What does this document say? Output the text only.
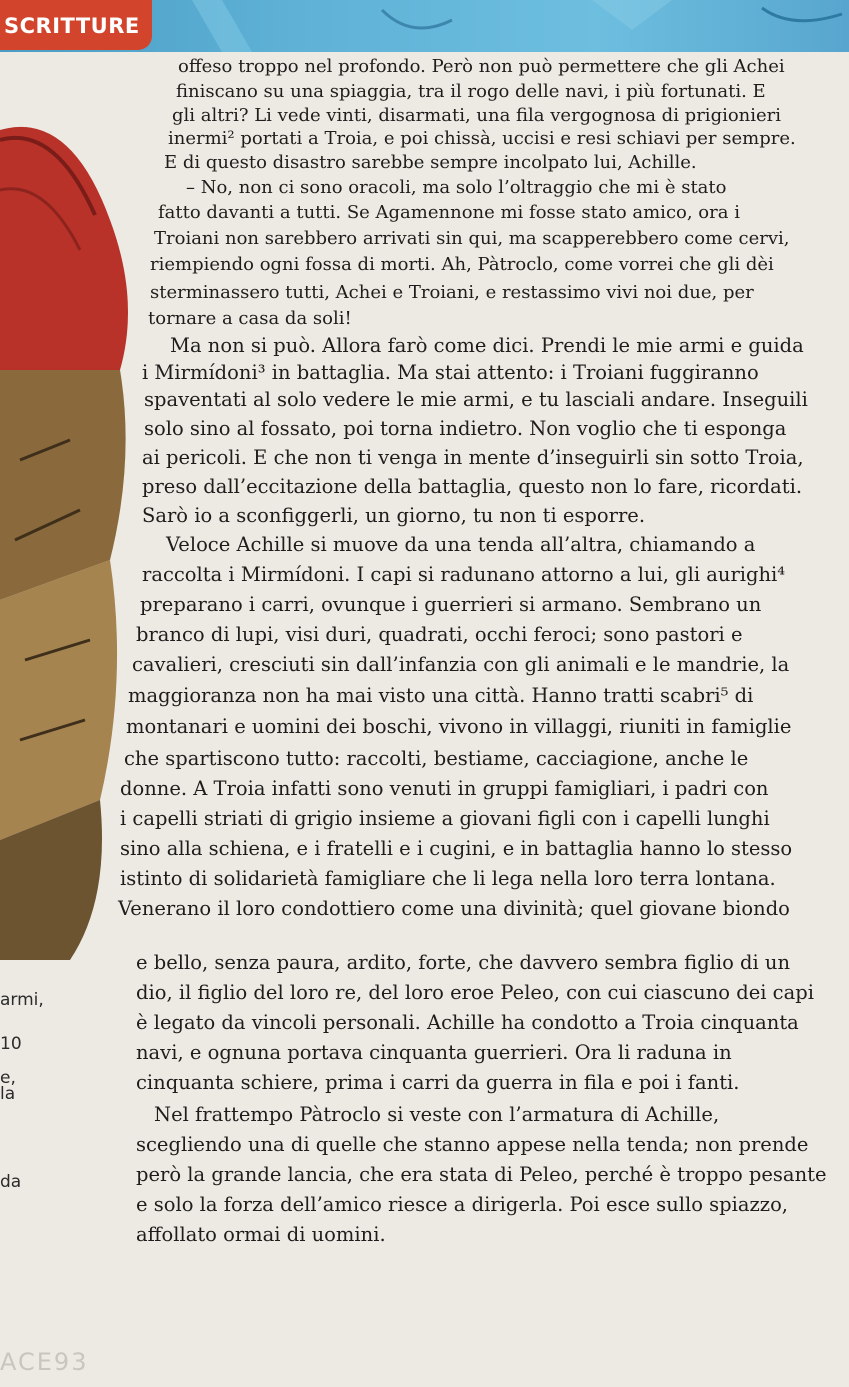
SCRITTURE
armi,
10
e,
la
da
offeso troppo nel profondo. Però non può permettere che gli Achei
finiscano su una spiaggia, tra il rogo delle navi, i più fortunati. E
gli altri? Li vede vinti, disarmati, una fila vergognosa di prigionieri
inermi² portati a Troia, e poi chissà, uccisi e resi schiavi per sempre.
E di questo disastro sarebbe sempre incolpato lui, Achille.
– No, non ci sono oracoli, ma solo l’oltraggio che mi è stato
fatto davanti a tutti. Se Agamennone mi fosse stato amico, ora i
Troiani non sarebbero arrivati sin qui, ma scapperebbero come cervi,
riempiendo ogni fossa di morti. Ah, Pàtroclo, come vorrei che gli dèi
sterminassero tutti, Achei e Troiani, e restassimo vivi noi due, per
tornare a casa da soli!
Ma non si può. Allora farò come dici. Prendi le mie armi e guida
i Mirmídoni³ in battaglia. Ma stai attento: i Troiani fuggiranno
spaventati al solo vedere le mie armi, e tu lasciali andare. Inseguili
solo sino al fossato, poi torna indietro. Non voglio che ti esponga
ai pericoli. E che non ti venga in mente d’inseguirli sin sotto Troia,
preso dall’eccitazione della battaglia, questo non lo fare, ricordati.
Sarò io a sconfiggerli, un giorno, tu non ti esporre.
Veloce Achille si muove da una tenda all’altra, chiamando a
raccolta i Mirmídoni. I capi si radunano attorno a lui, gli aurighi⁴
preparano i carri, ovunque i guerrieri si armano. Sembrano un
branco di lupi, visi duri, quadrati, occhi feroci; sono pastori e
cavalieri, cresciuti sin dall’infanzia con gli animali e le mandrie, la
maggioranza non ha mai visto una città. Hanno tratti scabri⁵ di
montanari e uomini dei boschi, vivono in villaggi, riuniti in famiglie
che spartiscono tutto: raccolti, bestiame, cacciagione, anche le
donne. A Troia infatti sono venuti in gruppi famigliari, i padri con
i capelli striati di grigio insieme a giovani figli con i capelli lunghi
sino alla schiena, e i fratelli e i cugini, e in battaglia hanno lo stesso
istinto di solidarietà famigliare che li lega nella loro terra lontana.
Venerano il loro condottiero come una divinità; quel giovane biondo
e bello, senza paura, ardito, forte, che davvero sembra figlio di un
dio, il figlio del loro re, del loro eroe Peleo, con cui ciascuno dei capi
è legato da vincoli personali. Achille ha condotto a Troia cinquanta
navi, e ognuna portava cinquanta guerrieri. Ora li raduna in
cinquanta schiere, prima i carri da guerra in fila e poi i fanti.
Nel frattempo Pàtroclo si veste con l’armatura di Achille,
scegliendo una di quelle che stanno appese nella tenda; non prende
però la grande lancia, che era stata di Peleo, perché è troppo pesante
e solo la forza dell’amico riesce a dirigerla. Poi esce sullo spiazzo,
affollato ormai di uomini.
ACE93
